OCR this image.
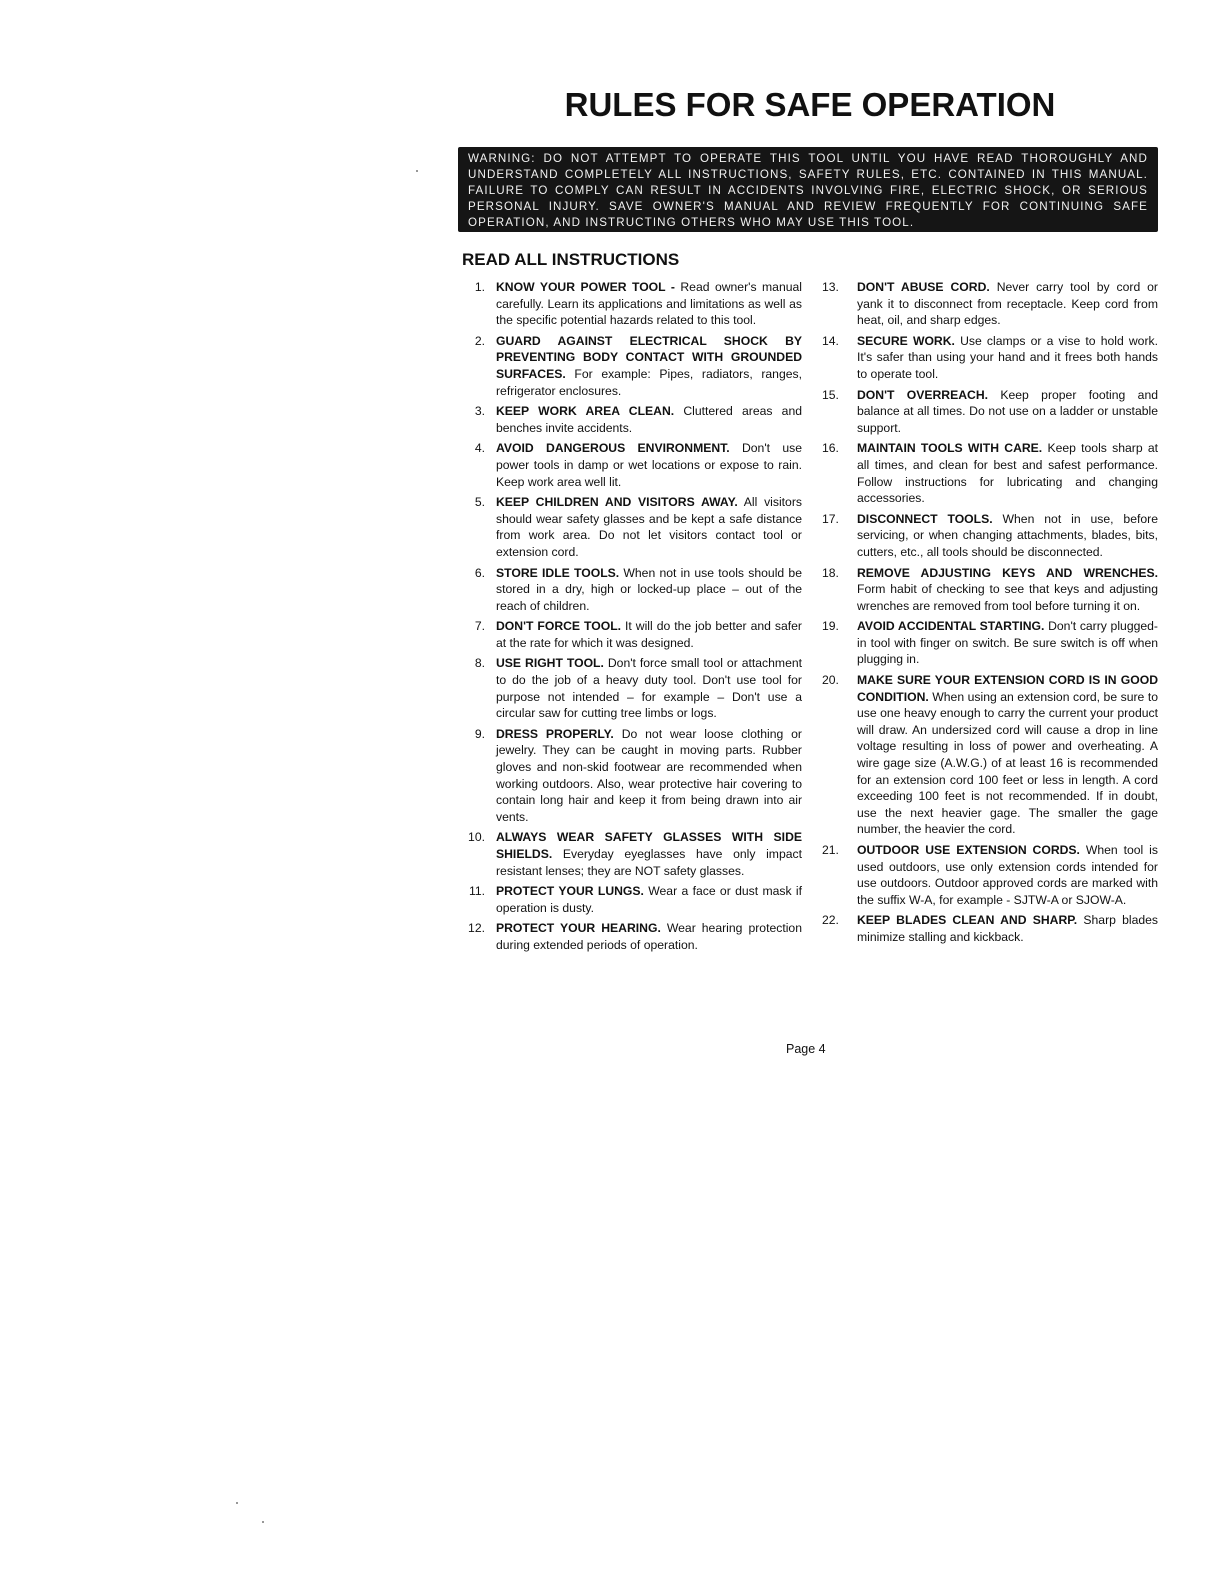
RULES FOR SAFE OPERATION
WARNING: DO NOT ATTEMPT TO OPERATE THIS TOOL UNTIL YOU HAVE READ THOROUGHLY AND UNDERSTAND COMPLETELY ALL INSTRUCTIONS, SAFETY RULES, ETC. CONTAINED IN THIS MANUAL. FAILURE TO COMPLY CAN RESULT IN ACCIDENTS INVOLVING FIRE, ELECTRIC SHOCK, OR SERIOUS PERSONAL INJURY. SAVE OWNER'S MANUAL AND REVIEW FREQUENTLY FOR CONTINUING SAFE OPERATION, AND INSTRUCTING OTHERS WHO MAY USE THIS TOOL.
READ ALL INSTRUCTIONS
1. KNOW YOUR POWER TOOL - Read owner's manual carefully. Learn its applications and limitations as well as the specific potential hazards related to this tool.
2. GUARD AGAINST ELECTRICAL SHOCK BY PREVENTING BODY CONTACT WITH GROUNDED SURFACES. For example: Pipes, radiators, ranges, refrigerator enclosures.
3. KEEP WORK AREA CLEAN. Cluttered areas and benches invite accidents.
4. AVOID DANGEROUS ENVIRONMENT. Don't use power tools in damp or wet locations or expose to rain. Keep work area well lit.
5. KEEP CHILDREN AND VISITORS AWAY. All visitors should wear safety glasses and be kept a safe distance from work area. Do not let visitors contact tool or extension cord.
6. STORE IDLE TOOLS. When not in use tools should be stored in a dry, high or locked-up place – out of the reach of children.
7. DON'T FORCE TOOL. It will do the job better and safer at the rate for which it was designed.
8. USE RIGHT TOOL. Don't force small tool or attachment to do the job of a heavy duty tool. Don't use tool for purpose not intended – for example – Don't use a circular saw for cutting tree limbs or logs.
9. DRESS PROPERLY. Do not wear loose clothing or jewelry. They can be caught in moving parts. Rubber gloves and non-skid footwear are recommended when working outdoors. Also, wear protective hair covering to contain long hair and keep it from being drawn into air vents.
10. ALWAYS WEAR SAFETY GLASSES WITH SIDE SHIELDS. Everyday eyeglasses have only impact resistant lenses; they are NOT safety glasses.
11. PROTECT YOUR LUNGS. Wear a face or dust mask if operation is dusty.
12. PROTECT YOUR HEARING. Wear hearing protection during extended periods of operation.
13.	DON'T ABUSE CORD. Never carry tool by cord or yank it to disconnect from receptacle. Keep cord from heat, oil, and sharp edges.
14.	SECURE WORK. Use clamps or a vise to hold work. It's safer than using your hand and it frees both hands to operate tool.
15.	DON'T OVERREACH. Keep proper footing and balance at all times. Do not use on a ladder or unstable support.
16.	MAINTAIN TOOLS WITH CARE. Keep tools sharp at all times, and clean for best and safest performance. Follow instructions for lubricating and changing accessories.
17.	DISCONNECT TOOLS. When not in use, before servicing, or when changing attachments, blades, bits, cutters, etc., all tools should be disconnected.
18.	REMOVE ADJUSTING KEYS AND WRENCHES. Form habit of checking to see that keys and adjusting wrenches are removed from tool before turning it on.
19.	AVOID ACCIDENTAL STARTING. Don't carry plugged-in tool with finger on switch. Be sure switch is off when plugging in.
20.	MAKE SURE YOUR EXTENSION CORD IS IN GOOD CONDITION. When using an extension cord, be sure to use one heavy enough to carry the current your product will draw. An undersized cord will cause a drop in line voltage resulting in loss of power and overheating. A wire gage size (A.W.G.) of at least 16 is recommended for an extension cord 100 feet or less in length. A cord exceeding 100 feet is not recommended. If in doubt, use the next heavier gage. The smaller the gage number, the heavier the cord.
21.	OUTDOOR USE EXTENSION CORDS. When tool is used outdoors, use only extension cords intended for use outdoors. Outdoor approved cords are marked with the suffix W-A, for example - SJTW-A or SJOW-A.
22.	KEEP BLADES CLEAN AND SHARP. Sharp blades minimize stalling and kickback.
Page 4
